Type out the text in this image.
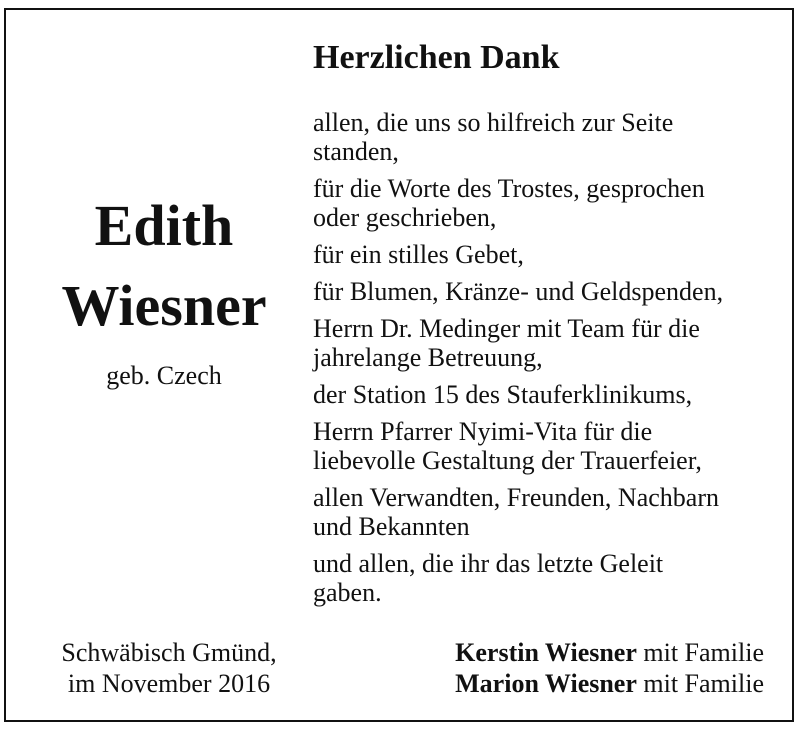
Herzlichen Dank
Edith
Wiesner
geb. Czech
allen, die uns so hilfreich zur Seite
standen,
für die Worte des Trostes, gesprochen
oder geschrieben,
für ein stilles Gebet,
für Blumen, Kränze- und Geldspenden,
Herrn Dr. Medinger mit Team für die
jahrelange Betreuung,
der Station 15 des Stauferklinikums,
Herrn Pfarrer Nyimi-Vita für die
liebevolle Gestaltung der Trauerfeier,
allen Verwandten, Freunden, Nachbarn
und Bekannten
und allen, die ihr das letzte Geleit
gaben.
Schwäbisch Gmünd,
im November 2016
Kerstin Wiesner mit Familie
Marion Wiesner mit Familie
